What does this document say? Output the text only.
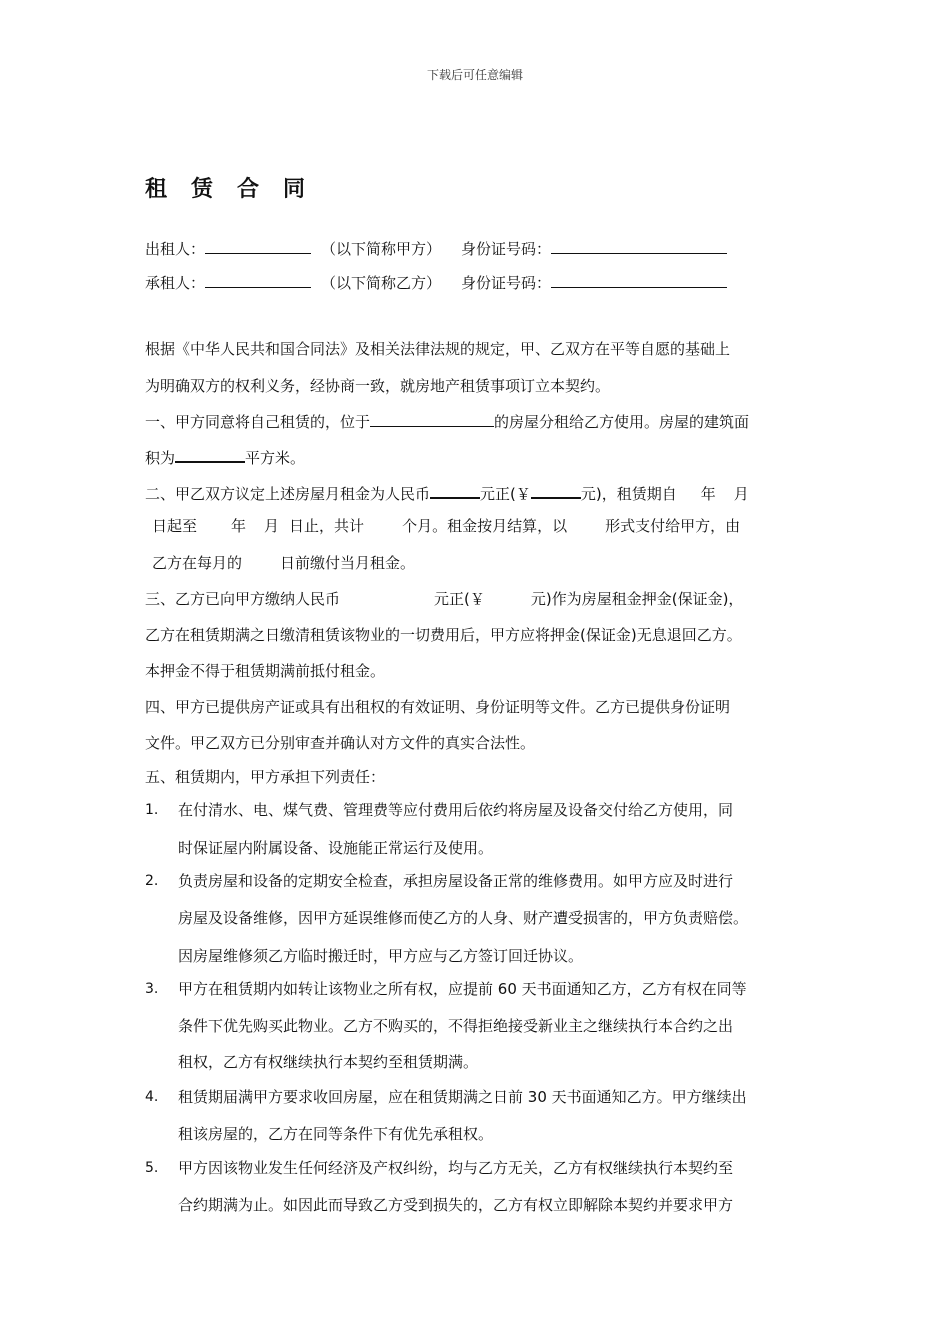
下载后可任意编辑
租 赁 合 同
出租人：	（以下简称甲方） 身份证号码：
承租人：	（以下简称乙方） 身份证号码：
根据《中华人民共和国合同法》及相关法律法规的规定，甲、乙双方在平等自愿的基础上
为明确双方的权利义务，经协商一致，就房地产租赁事项订立本契约。
一、甲方同意将自己租赁的，位于	的房屋分租给乙方使用。房屋的建筑面
积为	平方米。
二、甲乙双方议定上述房屋月租金为人民币	元正(￥	元)，租赁期自 年 月
日起至 年 月 日止，共计	个月。租金按月结算，以	形式支付给甲方，由
乙方在每月的	日前缴付当月租金。
三、乙方已向甲方缴纳人民币	元正(￥	元)作为房屋租金押金(保证金)，
乙方在租赁期满之日缴清租赁该物业的一切费用后，甲方应将押金(保证金)无息退回乙方。
本押金不得于租赁期满前抵付租金。
四、甲方已提供房产证或具有出租权的有效证明、身份证明等文件。乙方已提供身份证明
文件。甲乙双方已分别审查并确认对方文件的真实合法性。
五、租赁期内，甲方承担下列责任：
1. 在付清水、电、煤气费、管理费等应付费用后依约将房屋及设备交付给乙方使用，同
时保证屋内附属设备、设施能正常运行及使用。
2. 负责房屋和设备的定期安全检查，承担房屋设备正常的维修费用。如甲方应及时进行
房屋及设备维修，因甲方延误维修而使乙方的人身、财产遭受损害的，甲方负责赔偿。
因房屋维修须乙方临时搬迁时，甲方应与乙方签订回迁协议。
3. 甲方在租赁期内如转让该物业之所有权，应提前 60 天书面通知乙方，乙方有权在同等
条件下优先购买此物业。乙方不购买的，不得拒绝接受新业主之继续执行本合约之出
租权，乙方有权继续执行本契约至租赁期满。
4. 租赁期届满甲方要求收回房屋，应在租赁期满之日前 30 天书面通知乙方。甲方继续出
租该房屋的，乙方在同等条件下有优先承租权。
5. 甲方因该物业发生任何经济及产权纠纷，均与乙方无关，乙方有权继续执行本契约至
合约期满为止。如因此而导致乙方受到损失的，乙方有权立即解除本契约并要求甲方
